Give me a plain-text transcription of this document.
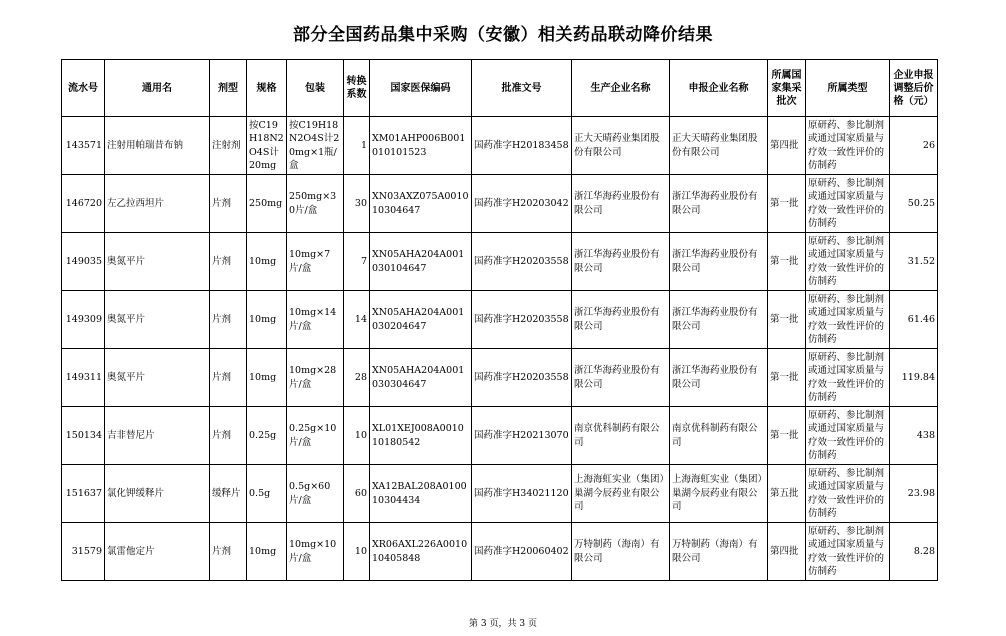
部分全国药品集中采购（安徽）相关药品联动降价结果
流水号	通用名	剂型	规格	包装	转换系数	国家医保编码	批准文号	生产企业名称	申报企业名称	所属国家集采批次	所属类型	企业申报调整后价格（元）
143571	注射用帕瑞昔布钠	注射剂	按C19H18N2O4S计20mg	按C19H18N2O4S计20mg×1瓶/盒	1	XM01AHP006B001010101523	国药准字H20183458	正大天晴药业集团股份有限公司	正大天晴药业集团股份有限公司	第四批	原研药、参比制剂或通过国家质量与疗效一致性评价的仿制药	26
146720	左乙拉西坦片	片剂	250mg	250mg×30片/盒	30	XN03AXZ075A001010304647	国药准字H20203042	浙江华海药业股份有限公司	浙江华海药业股份有限公司	第一批	原研药、参比制剂或通过国家质量与疗效一致性评价的仿制药	50.25
149035	奥氮平片	片剂	10mg	10mg×7片/盒	7	XN05AHA204A001030104647	国药准字H20203558	浙江华海药业股份有限公司	浙江华海药业股份有限公司	第一批	原研药、参比制剂或通过国家质量与疗效一致性评价的仿制药	31.52
149309	奥氮平片	片剂	10mg	10mg×14片/盒	14	XN05AHA204A001030204647	国药准字H20203558	浙江华海药业股份有限公司	浙江华海药业股份有限公司	第一批	原研药、参比制剂或通过国家质量与疗效一致性评价的仿制药	61.46
149311	奥氮平片	片剂	10mg	10mg×28片/盒	28	XN05AHA204A001030304647	国药准字H20203558	浙江华海药业股份有限公司	浙江华海药业股份有限公司	第一批	原研药、参比制剂或通过国家质量与疗效一致性评价的仿制药	119.84
150134	吉非替尼片	片剂	0.25g	0.25g×10片/盒	10	XL01XEJ008A001010180542	国药准字H20213070	南京优科制药有限公司	南京优科制药有限公司	第一批	原研药、参比制剂或通过国家质量与疗效一致性评价的仿制药	438
151637	氯化钾缓释片	缓释片	0.5g	0.5g×60片/盒	60	XA12BAL208A010010304434	国药准字H34021120	上海海虹实业（集团）巢湖今辰药业有限公司	上海海虹实业（集团）巢湖今辰药业有限公司	第五批	原研药、参比制剂或通过国家质量与疗效一致性评价的仿制药	23.98
31579	氯雷他定片	片剂	10mg	10mg×10片/盒	10	XR06AXL226A001010405848	国药准字H20060402	万特制药（海南）有限公司	万特制药（海南）有限公司	第四批	原研药、参比制剂或通过国家质量与疗效一致性评价的仿制药	8.28
第 3 页，共 3 页
